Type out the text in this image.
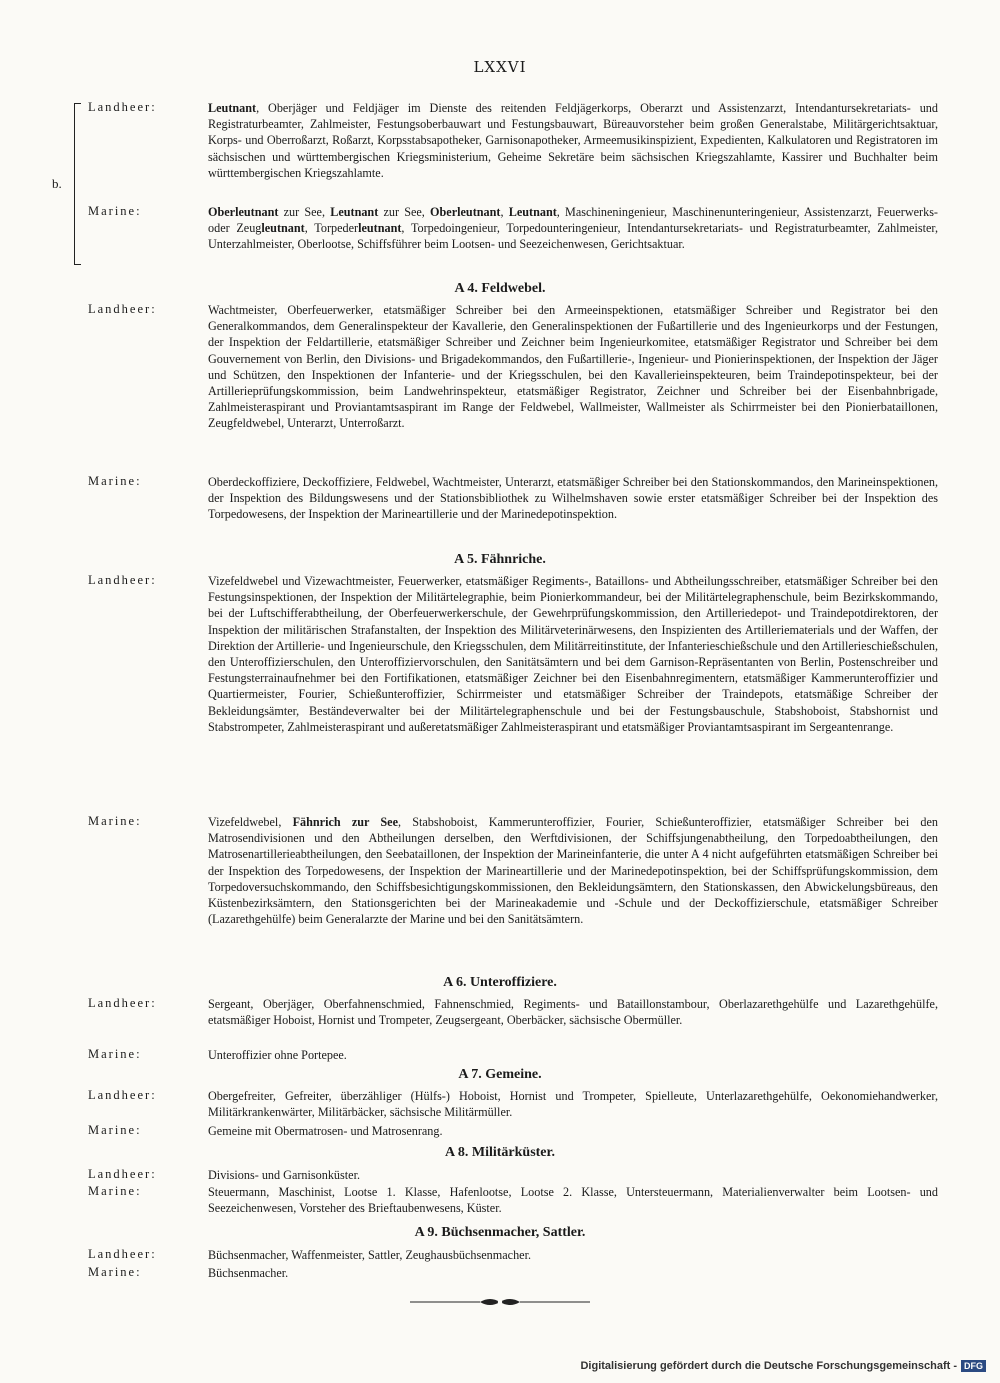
LXXVI
b.
Landheer:	Leutnant, Oberjäger und Feldjäger im Dienste des reitenden Feldjägerkorps, Oberarzt und Assistenzarzt, Intendantursekretariats- und Registraturbeamter, Zahlmeister, Festungsoberbauwart und Festungsbauwart, Büreauvorsteher beim großen Generalstabe, Militärgerichtsaktuar, Korps- und Oberroßarzt, Roßarzt, Korpsstabsapotheker, Garnisonapotheker, Armeemusikinspizient, Expedienten, Kalkulatoren und Registratoren im sächsischen und württembergischen Kriegsministerium, Geheime Sekretäre beim sächsischen Kriegszahlamte, Kassirer und Buchhalter beim württembergischen Kriegszahlamte.
Marine:	Oberleutnant zur See, Leutnant zur See, Oberleutnant, Leutnant, Maschineningenieur, Maschinenunteringenieur, Assistenzarzt, Feuerwerks- oder Zeugleutnant, Torpederleutnant, Torpedoingenieur, Torpedounteringenieur, Intendantursekretariats- und Registraturbeamter, Zahlmeister, Unterzahlmeister, Oberlootse, Schiffsführer beim Lootsen- und Seezeichenwesen, Gerichtsaktuar.
A 4. Feldwebel.
Landheer:	Wachtmeister, Oberfeuerwerker, etatsmäßiger Schreiber bei den Armeeinspektionen, etatsmäßiger Schreiber und Registrator bei den Generalkommandos, dem Generalinspekteur der Kavallerie, den Generalinspektionen der Fußartillerie und des Ingenieurkorps und der Festungen, der Inspektion der Feldartillerie, etatsmäßiger Schreiber und Zeichner beim Ingenieurkomitee, etatsmäßiger Registrator und Schreiber bei dem Gouvernement von Berlin, den Divisions- und Brigadekommandos, den Fußartillerie-, Ingenieur- und Pionierinspektionen, der Inspektion der Jäger und Schützen, den Inspektionen der Infanterie- und der Kriegsschulen, bei den Kavallerieinspekteuren, beim Traindepotinspekteur, bei der Artillerieprüfungskommission, beim Landwehrinspekteur, etatsmäßiger Registrator, Zeichner und Schreiber bei der Eisenbahnbrigade, Zahlmeisteraspirant und Proviantamtsaspirant im Range der Feldwebel, Wallmeister, Wallmeister als Schirrmeister bei den Pionierbataillonen, Zeugfeldwebel, Unterarzt, Unterroßarzt.
Marine:	Oberdeckoffiziere, Deckoffiziere, Feldwebel, Wachtmeister, Unterarzt, etatsmäßiger Schreiber bei den Stationskommandos, den Marineinspektionen, der Inspektion des Bildungswesens und der Stationsbibliothek zu Wilhelmshaven sowie erster etatsmäßiger Schreiber bei der Inspektion des Torpedowesens, der Inspektion der Marineartillerie und der Marinedepotinspektion.
A 5. Fähnriche.
Landheer:	Vizefeldwebel und Vizewachtmeister, Feuerwerker, etatsmäßiger Regiments-, Bataillons- und Abtheilungsschreiber, etatsmäßiger Schreiber bei den Festungsinspektionen, der Inspektion der Militärtelegraphie, beim Pionierkommandeur, bei der Militärtelegraphenschule, beim Bezirkskommando, bei der Luftschifferabtheilung, der Oberfeuerwerkerschule, der Gewehrprüfungskommission, den Artilleriedepot- und Traindepotdirektoren, der Inspektion der militärischen Strafanstalten, der Inspektion des Militärveterinärwesens, den Inspizienten des Artilleriematerials und der Waffen, der Direktion der Artillerie- und Ingenieurschule, den Kriegsschulen, dem Militärreitinstitute, der Infanterieschießschule und den Artillerieschießschulen, den Unteroffizierschulen, den Unteroffiziervorschulen, den Sanitätsämtern und bei dem Garnison-Repräsentanten von Berlin, Postenschreiber und Festungsterrainaufnehmer bei den Fortifikationen, etatsmäßiger Zeichner bei den Eisenbahnregimentern, etatsmäßiger Kammerunteroffizier und Quartiermeister, Fourier, Schießunteroffizier, Schirrmeister und etatsmäßiger Schreiber der Traindepots, etatsmäßige Schreiber der Bekleidungsämter, Beständeverwalter bei der Militärtelegraphenschule und bei der Festungsbauschule, Stabshoboist, Stabshornist und Stabstrompeter, Zahlmeisteraspirant und außeretatsmäßiger Zahlmeisteraspirant und etatsmäßiger Proviantamtsaspirant im Sergeantenrange.
Marine:	Vizefeldwebel, Fähnrich zur See, Stabshoboist, Kammerunteroffizier, Fourier, Schießunteroffizier, etatsmäßiger Schreiber bei den Matrosendivisionen und den Abtheilungen derselben, den Werftdivisionen, der Schiffsjungenabtheilung, den Torpedoabtheilungen, den Matrosenartillerieabtheilungen, den Seebataillonen, der Inspektion der Marineinfanterie, die unter A 4 nicht aufgeführten etatsmäßigen Schreiber bei der Inspektion des Torpedowesens, der Inspektion der Marineartillerie und der Marinedepotinspektion, bei der Schiffsprüfungskommission, dem Torpedoversuchskommando, den Schiffsbesichtigungskommissionen, den Bekleidungsämtern, den Stationskassen, den Abwickelungsbüreaus, den Küstenbezirksämtern, den Stationsgerichten bei der Marineakademie und -Schule und der Deckoffizierschule, etatsmäßiger Schreiber (Lazarethgehülfe) beim Generalarzte der Marine und bei den Sanitätsämtern.
A 6. Unteroffiziere.
Landheer:	Sergeant, Oberjäger, Oberfahnenschmied, Fahnenschmied, Regiments- und Bataillonstambour, Oberlazarethgehülfe und Lazarethgehülfe, etatsmäßiger Hoboist, Hornist und Trompeter, Zeugsergeant, Oberbäcker, sächsische Obermüller.
Marine:	Unteroffizier ohne Portepee.
A 7. Gemeine.
Landheer:	Obergefreiter, Gefreiter, überzähliger (Hülfs-) Hoboist, Hornist und Trompeter, Spielleute, Unterlazarethgehülfe, Oekonomiehandwerker, Militärkrankenwärter, Militärbäcker, sächsische Militärmüller.
Marine:	Gemeine mit Obermatrosen- und Matrosenrang.
A 8. Militärküster.
Landheer:	Divisions- und Garnisonküster.
Marine:	Steuermann, Maschinist, Lootse 1. Klasse, Hafenlootse, Lootse 2. Klasse, Untersteuermann, Materialienverwalter beim Lootsen- und Seezeichenwesen, Vorsteher des Brieftaubenwesens, Küster.
A 9. Büchsenmacher, Sattler.
Landheer:	Büchsenmacher, Waffenmeister, Sattler, Zeughausbüchsenmacher.
Marine:	Büchsenmacher.
Digitalisierung gefördert durch die Deutsche Forschungsgemeinschaft - DFG
